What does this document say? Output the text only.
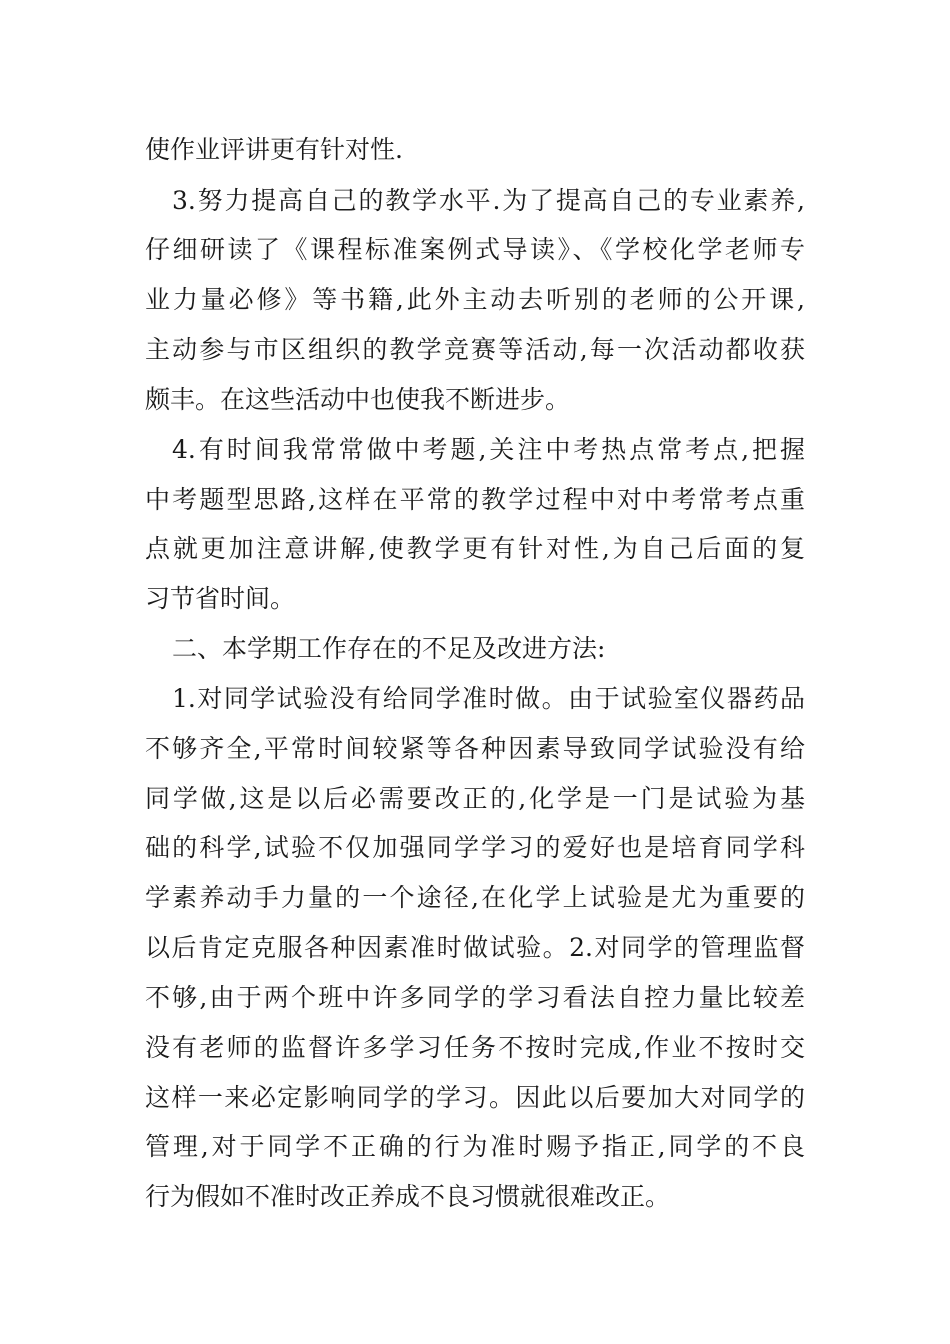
使作业评讲更有针对性.
3.努力提高自己的教学水平.为了提高自己的专业素养,
仔细研读了《课程标准案例式导读》、《学校化学老师专
业力量必修》等书籍,此外主动去听别的老师的公开课,
主动参与市区组织的教学竞赛等活动,每一次活动都收获
颇丰。在这些活动中也使我不断进步。
4.有时间我常常做中考题,关注中考热点常考点,把握
中考题型思路,这样在平常的教学过程中对中考常考点重
点就更加注意讲解,使教学更有针对性,为自己后面的复
习节省时间。
二、本学期工作存在的不足及改进方法:
1.对同学试验没有给同学准时做。由于试验室仪器药品
不够齐全,平常时间较紧等各种因素导致同学试验没有给
同学做,这是以后必需要改正的,化学是一门是试验为基
础的科学,试验不仅加强同学学习的爱好也是培育同学科
学素养动手力量的一个途径,在化学上试验是尤为重要的
以后肯定克服各种因素准时做试验。2.对同学的管理监督
不够,由于两个班中许多同学的学习看法自控力量比较差
没有老师的监督许多学习任务不按时完成,作业不按时交
这样一来必定影响同学的学习。因此以后要加大对同学的
管理,对于同学不正确的行为准时赐予指正,同学的不良
行为假如不准时改正养成不良习惯就很难改正。
